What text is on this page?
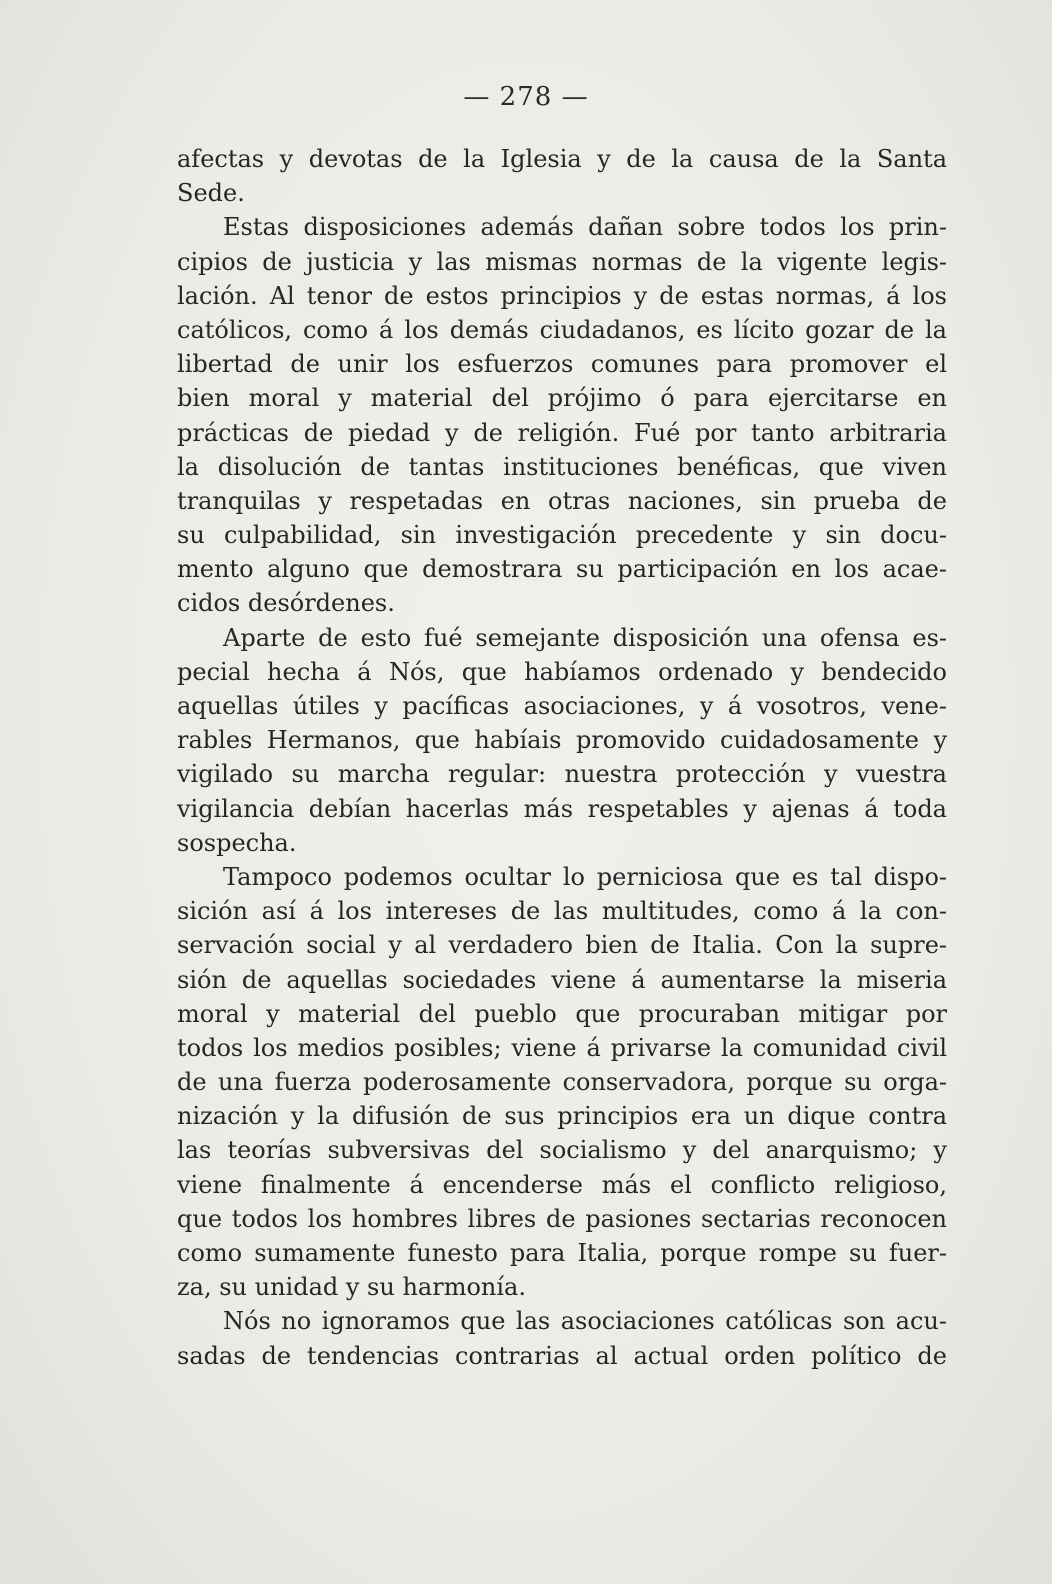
— 278 —
afectas y devotas de la Iglesia y de la causa de la Santa
Sede.
Estas disposiciones además dañan sobre todos los prin-
cipios de justicia y las mismas normas de la vigente legis-
lación. Al tenor de estos principios y de estas normas, á los
católicos, como á los demás ciudadanos, es lícito gozar de la
libertad de unir los esfuerzos comunes para promover el
bien moral y material del prójimo ó para ejercitarse en
prácticas de piedad y de religión. Fué por tanto arbitraria
la disolución de tantas instituciones benéficas, que viven
tranquilas y respetadas en otras naciones, sin prueba de
su culpabilidad, sin investigación precedente y sin docu-
mento alguno que demostrara su participación en los acae-
cidos desórdenes.
Aparte de esto fué semejante disposición una ofensa es-
pecial hecha á Nós, que habíamos ordenado y bendecido
aquellas útiles y pacíficas asociaciones, y á vosotros, vene-
rables Hermanos, que habíais promovido cuidadosamente y
vigilado su marcha regular: nuestra protección y vuestra
vigilancia debían hacerlas más respetables y ajenas á toda
sospecha.
Tampoco podemos ocultar lo perniciosa que es tal dispo-
sición así á los intereses de las multitudes, como á la con-
servación social y al verdadero bien de Italia. Con la supre-
sión de aquellas sociedades viene á aumentarse la miseria
moral y material del pueblo que procuraban mitigar por
todos los medios posibles; viene á privarse la comunidad civil
de una fuerza poderosamente conservadora, porque su orga-
nización y la difusión de sus principios era un dique contra
las teorías subversivas del socialismo y del anarquismo; y
viene finalmente á encenderse más el conflicto religioso,
que todos los hombres libres de pasiones sectarias reconocen
como sumamente funesto para Italia, porque rompe su fuer-
za, su unidad y su harmonía.
Nós no ignoramos que las asociaciones católicas son acu-
sadas de tendencias contrarias al actual orden político de
